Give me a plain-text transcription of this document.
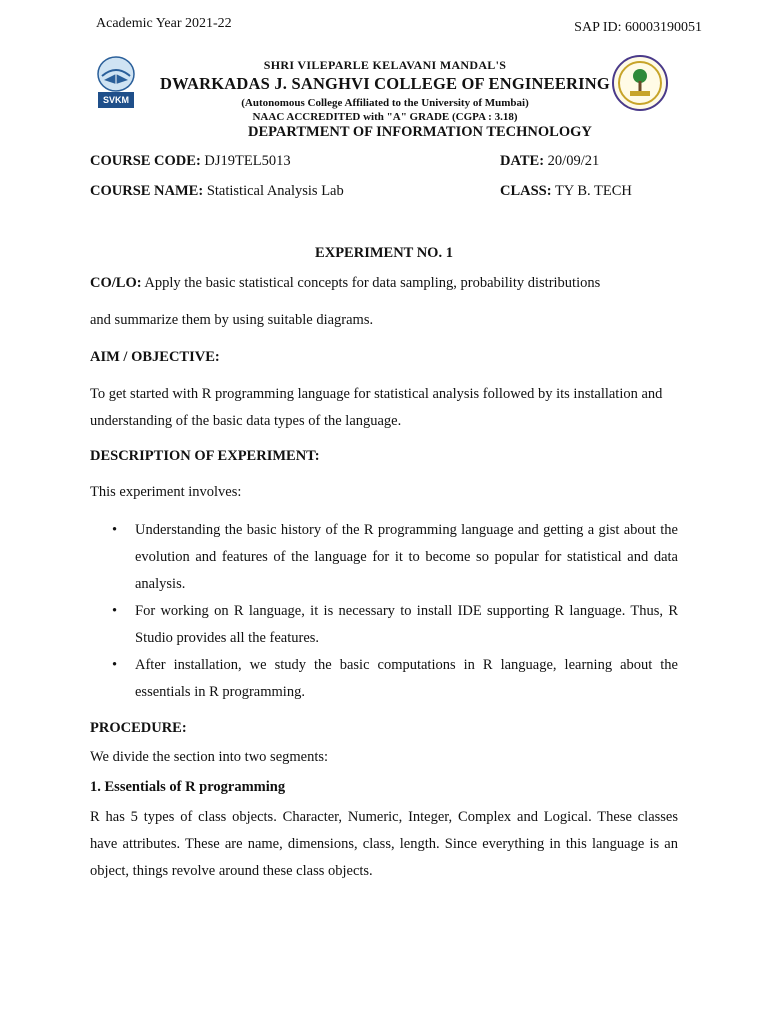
Academic Year 2021-22	SAP ID: 60003190051
SVKM
SHRI VILEPARLE KELAVANI MANDAL'S
DWARKADAS J. SANGHVI COLLEGE OF ENGINEERING
(Autonomous College Affiliated to the University of Mumbai)
NAAC ACCREDITED with "A" GRADE (CGPA : 3.18)
DEPARTMENT OF INFORMATION TECHNOLOGY
COURSE CODE: DJ19TEL5013	DATE: 20/09/21
COURSE NAME: Statistical Analysis Lab	CLASS: TY B. TECH

EXPERIMENT NO. 1

CO/LO: Apply the basic statistical concepts for data sampling, probability distributions

and summarize them by using suitable diagrams.

AIM / OBJECTIVE:

To get started with R programming language for statistical analysis followed by its installation and understanding of the basic data types of the language.

DESCRIPTION OF EXPERIMENT:

This experiment involves:

• Understanding the basic history of the R programming language and getting a gist about the evolution and features of the language for it to become so popular for statistical and data analysis.
• For working on R language, it is necessary to install IDE supporting R language. Thus, R Studio provides all the features.
• After installation, we study the basic computations in R language, learning about the essentials in R programming.

PROCEDURE:

We divide the section into two segments:

1. Essentials of R programming

R has 5 types of class objects. Character, Numeric, Integer, Complex and Logical. These classes have attributes. These are name, dimensions, class, length. Since everything in this language is an object, things revolve around these class objects.
